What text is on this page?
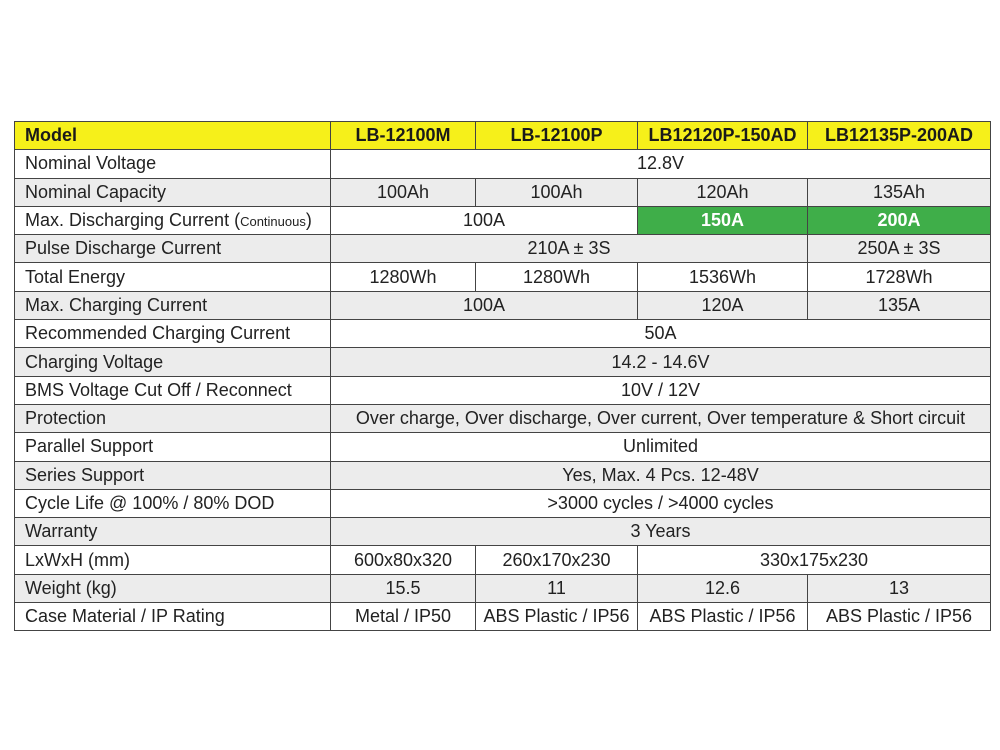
Model	LB-12100M	LB-12100P	LB12120P-150AD	LB12135P-200AD
Nominal Voltage	12.8V			
Nominal Capacity	100Ah	100Ah	120Ah	135Ah
Max. Discharging Current (Continuous)	100A		150A	200A
Pulse Discharge Current	210A ± 3S			250A ± 3S
Total Energy	1280Wh	1280Wh	1536Wh	1728Wh
Max. Charging Current	100A		120A	135A
Recommended Charging Current	50A			
Charging Voltage	14.2 - 14.6V			
BMS Voltage Cut Off / Reconnect	10V / 12V			
Protection	Over charge, Over discharge, Over current, Over temperature & Short circuit			
Parallel Support	Unlimited			
Series Support	Yes, Max. 4 Pcs. 12-48V			
Cycle Life @ 100% / 80% DOD	>3000 cycles / >4000 cycles			
Warranty	3 Years			
LxWxH (mm)	600x80x320	260x170x230	330x175x230	
Weight (kg)	15.5	11	12.6	13
Case Material / IP Rating	Metal / IP50	ABS Plastic / IP56	ABS Plastic / IP56	ABS Plastic / IP56
